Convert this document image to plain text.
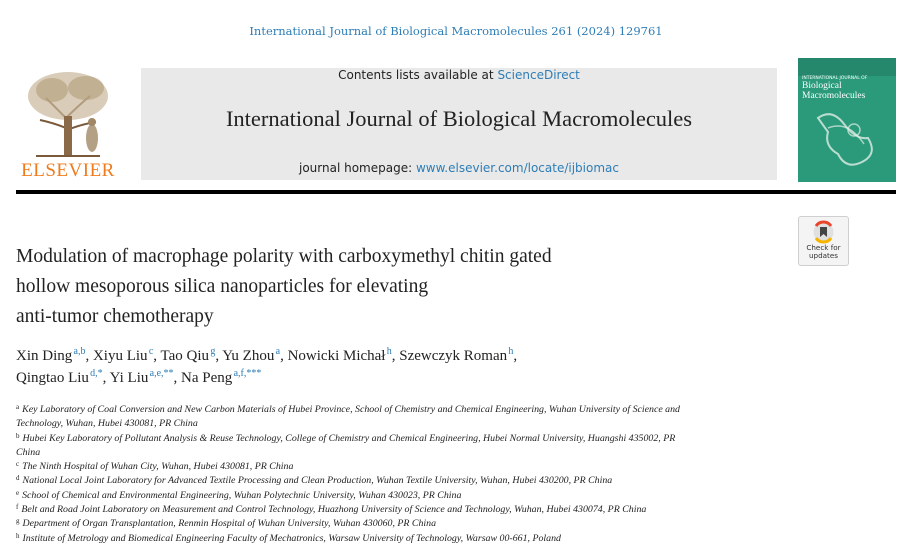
International Journal of Biological Macromolecules 261 (2024) 129761
ELSEVIER
Contents lists available at ScienceDirect
International Journal of Biological Macromolecules
journal homepage: www.elsevier.com/locate/ijbiomac
INTERNATIONAL JOURNAL OF
Biological
Macromolecules
Modulation of macrophage polarity with carboxymethyl chitin gated
hollow mesoporous silica nanoparticles for elevating
anti-tumor chemotherapy
Check for
updates
Xin Ding $^{a,b}$, Xiyu Liu $^c$, Tao Qiu $^g$, Yu Zhou $^a$, Nowicki Michał $^h$, Szewczyk Roman $^h$,
Qingtao Liu $^{d,*}$, Yi Liu $^{a,e,**}$, Na Peng $^{a,f,***}$

$^a$ Key Laboratory of Coal Conversion and New Carbon Materials of Hubei Province, School of Chemistry and Chemical Engineering, Wuhan University of Science and

Technology, Wuhan, Hubei 430081, PR China

$^b$ Hubei Key Laboratory of Pollutant Analysis & Reuse Technology, College of Chemistry and Chemical Engineering, Hubei Normal University, Huangshi 435002, PR

China

$^c$ The Ninth Hospital of Wuhan City, Wuhan, Hubei 430081, PR China

$^d$ National Local Joint Laboratory for Advanced Textile Processing and Clean Production, Wuhan Textile University, Wuhan, Hubei 430200, PR China

$^e$ School of Chemical and Environmental Engineering, Wuhan Polytechnic University, Wuhan 430023, PR China

$^f$ Belt and Road Joint Laboratory on Measurement and Control Technology, Huazhong University of Science and Technology, Wuhan, Hubei 430074, PR China

$^g$ Department of Organ Transplantation, Renmin Hospital of Wuhan University, Wuhan 430060, PR China

$^h$ Institute of Metrology and Biomedical Engineering Faculty of Mechatronics, Warsaw University of Technology, Warsaw 00-661, Poland
